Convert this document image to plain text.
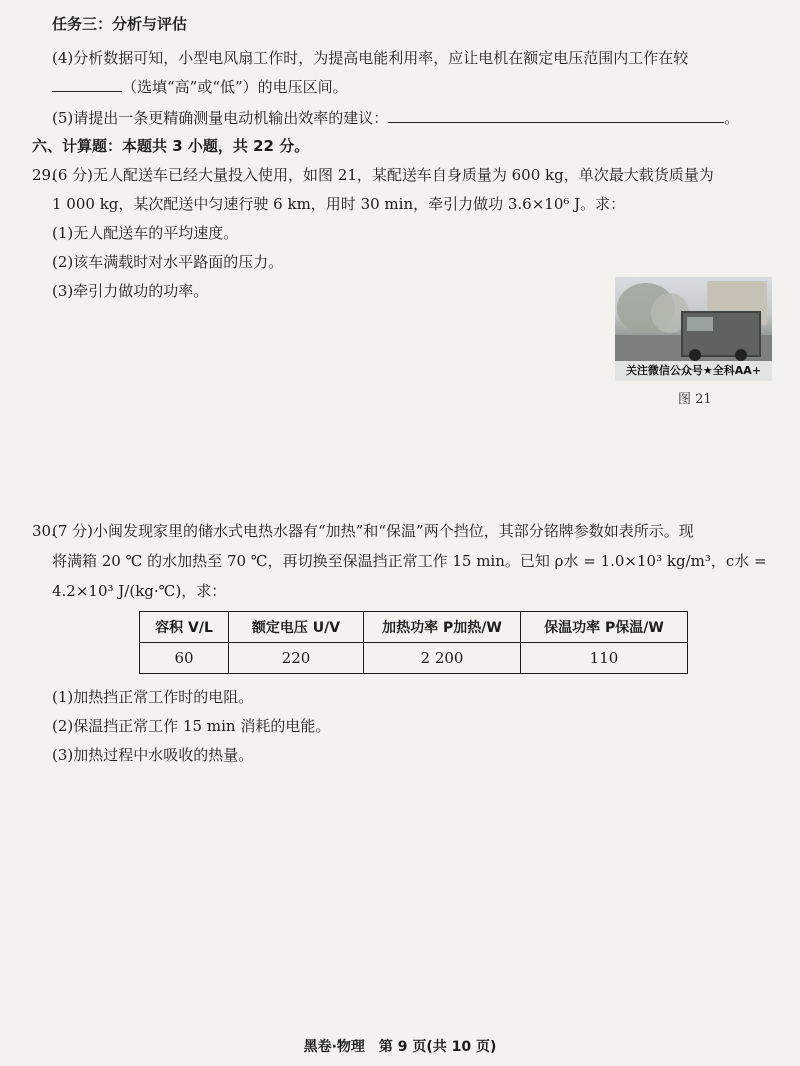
任务三：分析与评估
(4)分析数据可知，小型电风扇工作时，为提高电能利用率，应让电机在额定电压范围内工作在较
（选填“高”或“低”）的电压区间。
(5)请提出一条更精确测量电动机输出效率的建议：	。
六、计算题：本题共 3 小题，共 22 分。
29.
(6 分)无人配送车已经大量投入使用，如图 21，某配送车自身质量为 600 kg，单次最大载货质量为
1 000 kg，某次配送中匀速行驶 6 km，用时 30 min，牵引力做功 3.6×10⁶ J。求：
(1)无人配送车的平均速度。
(2)该车满载时对水平路面的压力。
(3)牵引力做功的功率。
关注微信公众号★全科AA+
图 21
30.
(7 分)小闽发现家里的储水式电热水器有“加热”和“保温”两个挡位，其部分铭牌参数如表所示。现
将满箱 20 ℃ 的水加热至 70 ℃，再切换至保温挡正常工作 15 min。已知 ρ水 = 1.0×10³ kg/m³，c水 =
4.2×10³ J/(kg·℃)，求：
容积 V/L	额定电压 U/V	加热功率 P加热/W	保温功率 P保温/W
60	220	2 200	110
(1)加热挡正常工作时的电阻。
(2)保温挡正常工作 15 min 消耗的电能。
(3)加热过程中水吸收的热量。
黑卷·物理　第 9 页(共 10 页)
